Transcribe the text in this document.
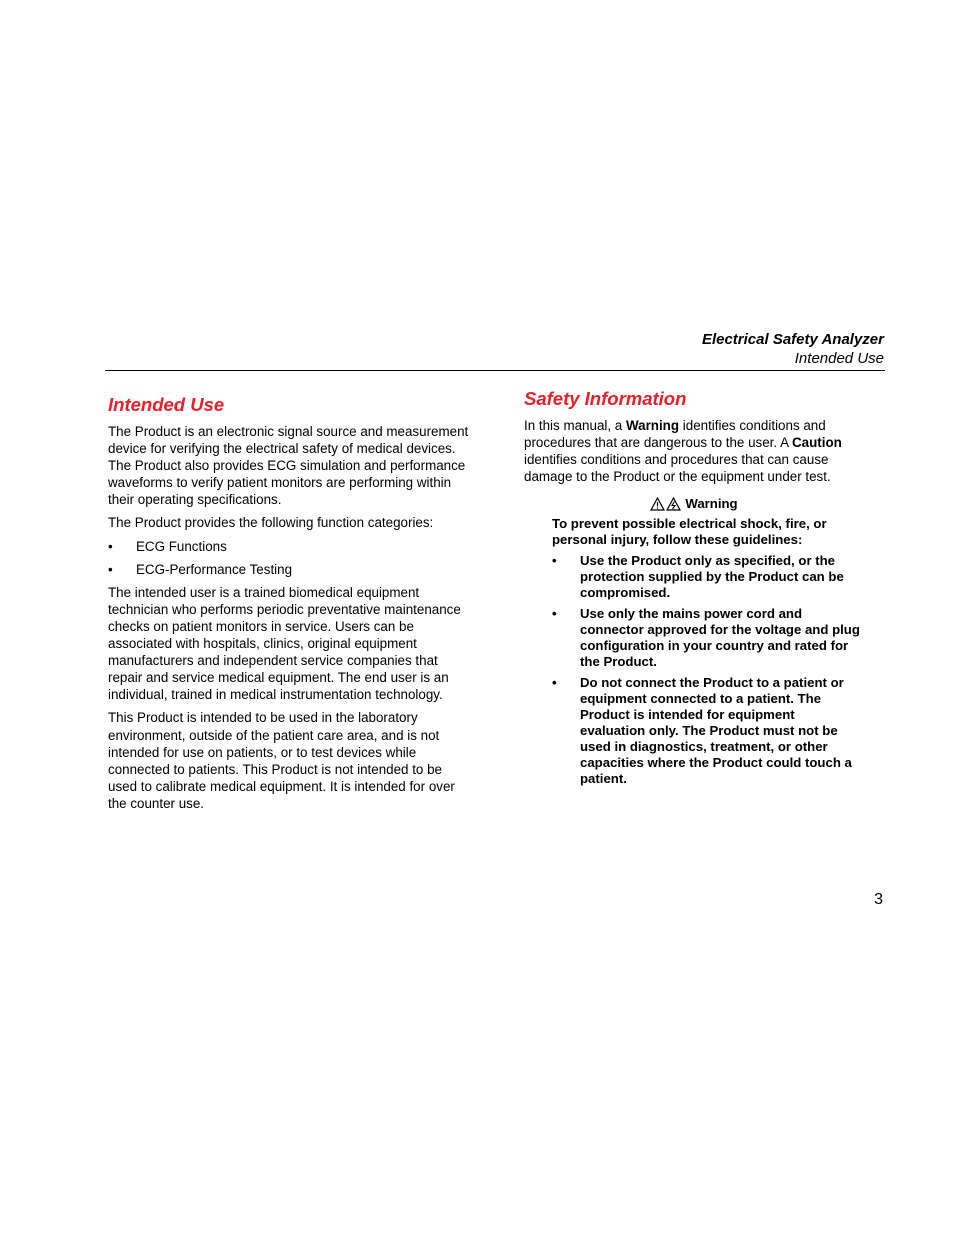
Electrical Safety Analyzer
Intended Use
Intended Use

The Product is an electronic signal source and measurement device for verifying the electrical safety of medical devices. The Product also provides ECG simulation and performance waveforms to verify patient monitors are performing within their operating specifications.

The Product provides the following function categories:

• ECG Functions
• ECG-Performance Testing

The intended user is a trained biomedical equipment technician who performs periodic preventative maintenance checks on patient monitors in service. Users can be associated with hospitals, clinics, original equipment manufacturers and independent service companies that repair and service medical equipment. The end user is an individual, trained in medical instrumentation technology.

This Product is intended to be used in the laboratory environment, outside of the patient care area, and is not intended for use on patients, or to test devices while connected to patients. This Product is not intended to be used to calibrate medical equipment. It is intended for over the counter use.

Safety Information

In this manual, a Warning identifies conditions and procedures that are dangerous to the user. A Caution identifies conditions and procedures that can cause damage to the Product or the equipment under test.

Warning
To prevent possible electrical shock, fire, or personal injury, follow these guidelines:
• Use the Product only as specified, or the protection supplied by the Product can be compromised.
• Use only the mains power cord and connector approved for the voltage and plug configuration in your country and rated for the Product.
• Do not connect the Product to a patient or equipment connected to a patient. The Product is intended for equipment evaluation only. The Product must not be used in diagnostics, treatment, or other capacities where the Product could touch a patient.
3
